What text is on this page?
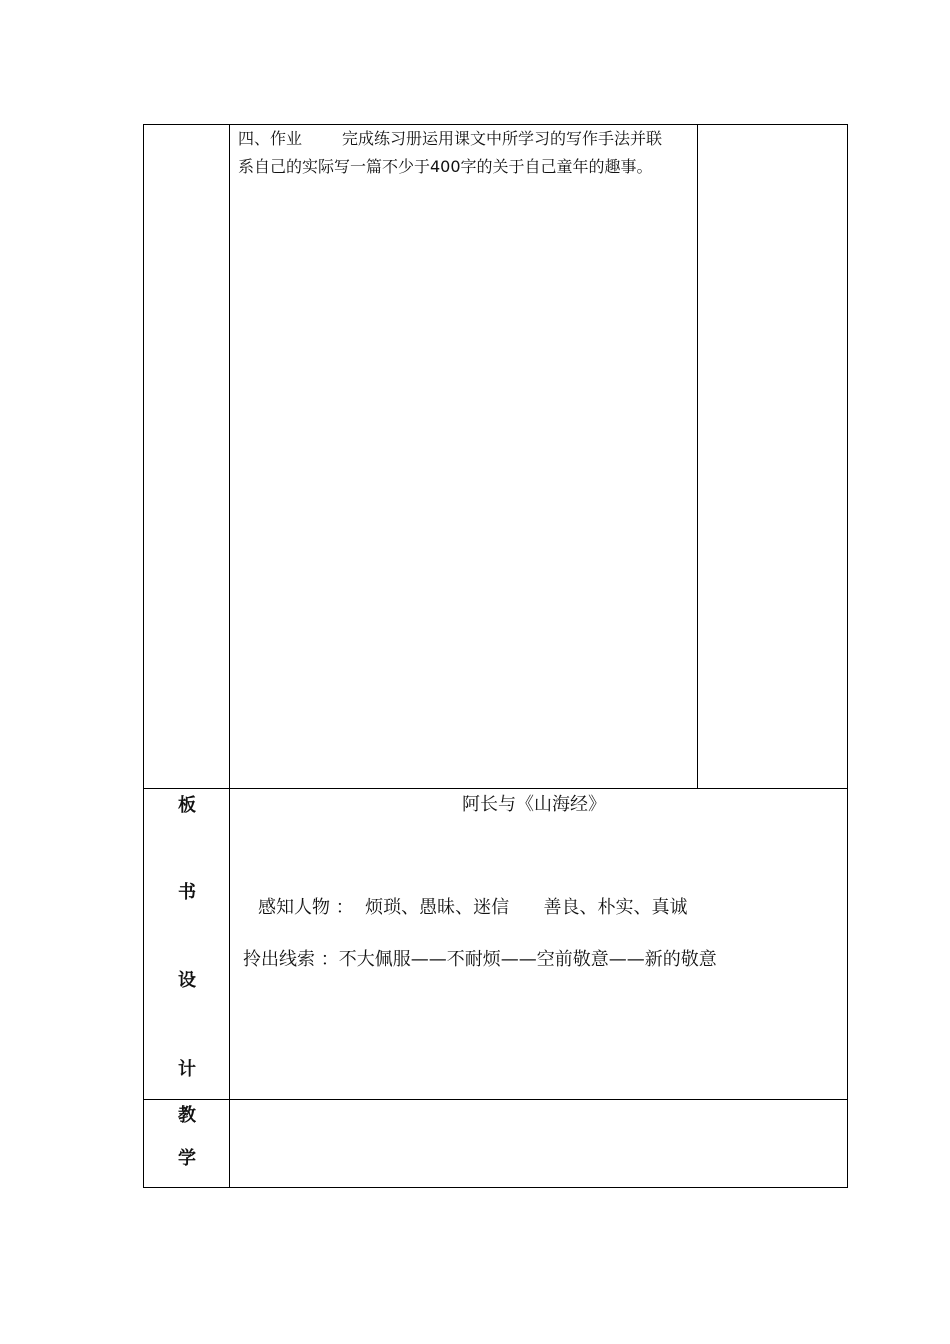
四、作业 完成练习册运用课文中所学习的写作手法并联
系自己的实际写一篇不少于400字的关于自己童年的趣事。
板
书
设
计
阿长与《山海经》
感知人物 ：  烦琐、愚昧、迷信      善良、朴实、真诚
拎出线索 ：不大佩服——不耐烦——空前敬意——新的敬意
教
学
